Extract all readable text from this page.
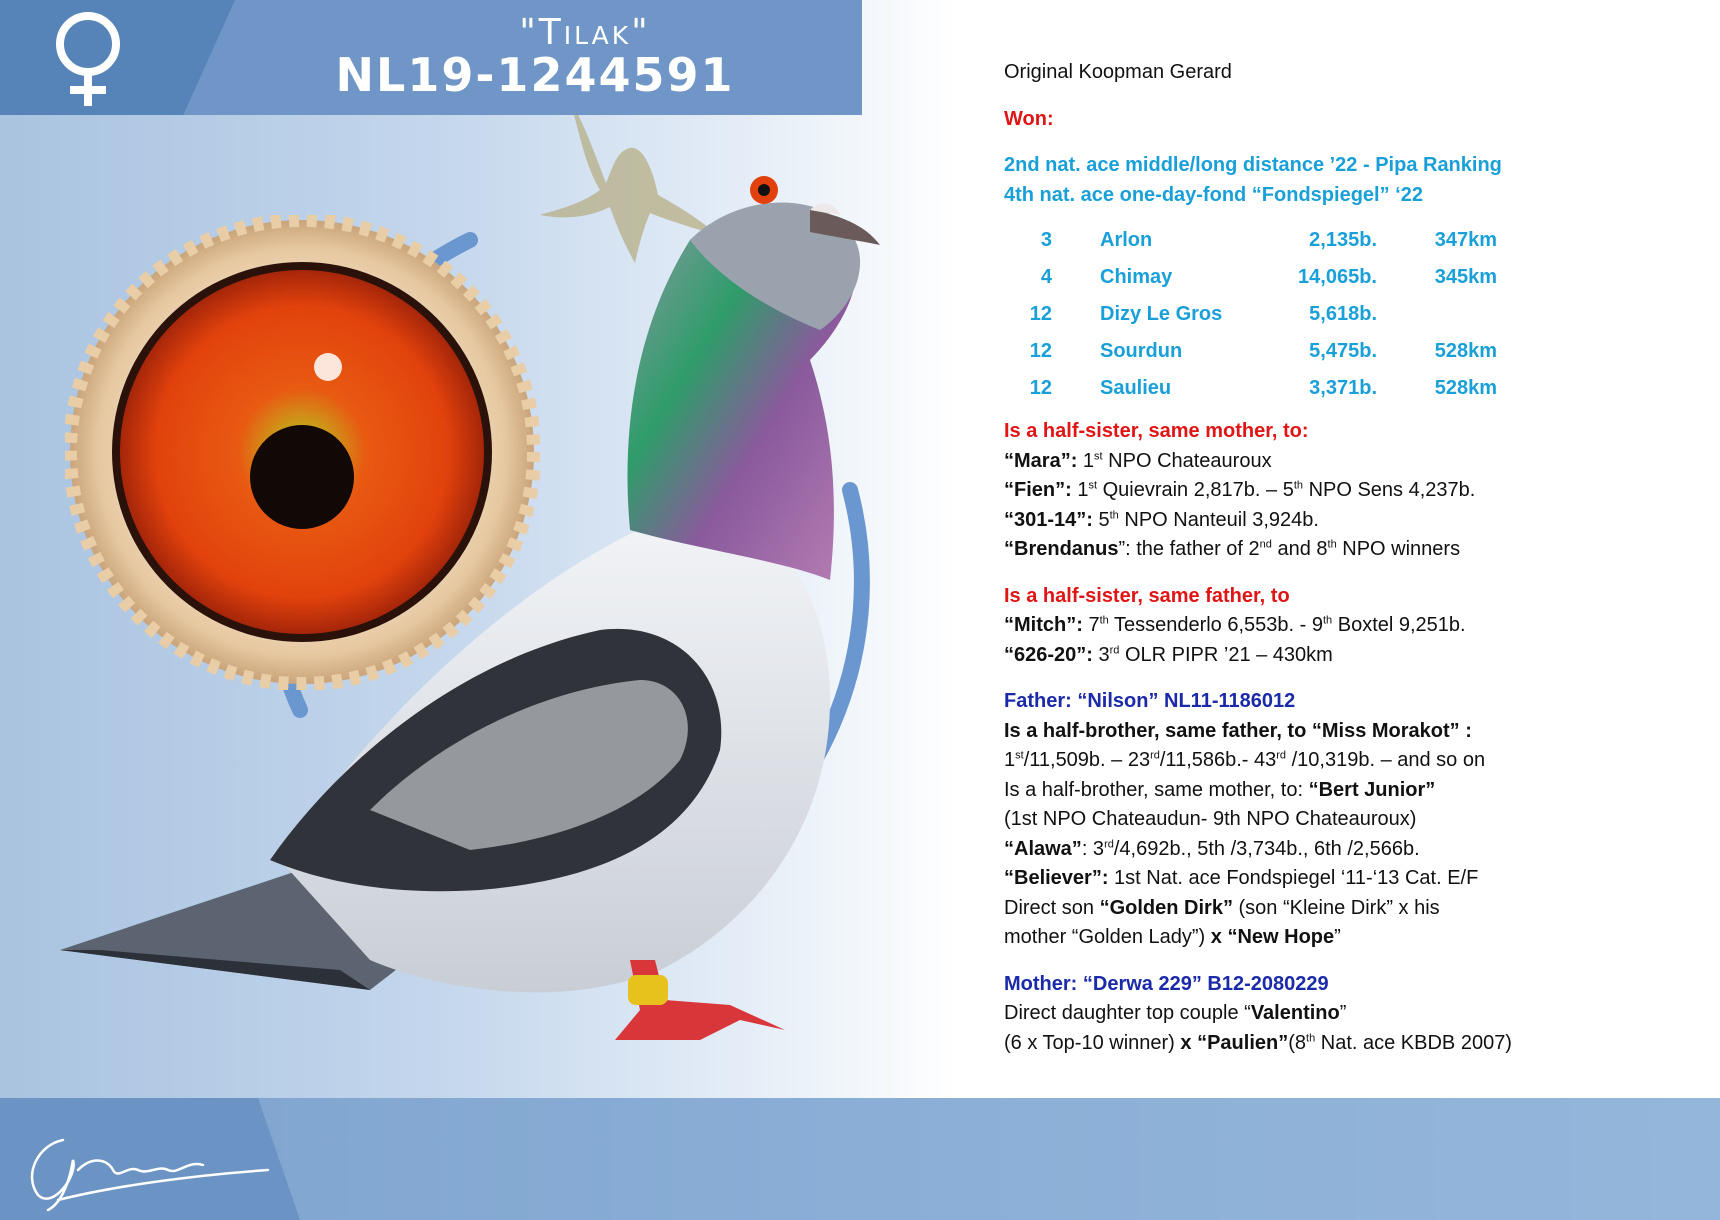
"Tilak"
NL19-1244591	Original Koopman Gerard

Won:

2nd nat. ace middle/long distance ’22 - Pipa Ranking

4th nat. ace one-day-fond “Fondspiegel” ‘22

3	Arlon	2,135b.	347km
4	Chimay	14,065b.	345km
12	Dizy Le Gros	5,618b.	
12	Sourdun	5,475b.	528km
12	Saulieu	3,371b.	528km

Is a half-sister, same mother, to:

“Mara”: 1st NPO Chateauroux

“Fien”: 1st Quievrain 2,817b. – 5th NPO Sens 4,237b.

“301-14”: 5th NPO Nanteuil 3,924b.

“Brendanus”: the father of 2nd and 8th NPO winners

Is a half-sister, same father, to

“Mitch”: 7th Tessenderlo 6,553b. - 9th Boxtel 9,251b.

“626-20”: 3rd OLR PIPR ’21 – 430km

Father: “Nilson” NL11-1186012

Is a half-brother, same father, to “Miss Morakot” :

1st/11,509b. – 23rd/11,586b.- 43rd /10,319b. – and so on

Is a half-brother, same mother, to: “Bert Junior”

(1st NPO Chateaudun- 9th NPO Chateauroux)

“Alawa”: 3rd/4,692b., 5th /3,734b., 6th /2,566b.

“Believer”: 1st Nat. ace Fondspiegel ‘11-‘13 Cat. E/F

Direct son “Golden Dirk” (son “Kleine Dirk” x his

mother “Golden Lady”) x “New Hope”

Mother: “Derwa 229” B12-2080229

Direct daughter top couple “Valentino”

(6 x Top-10 winner) x “Paulien”(8th Nat. ace KBDB 2007)
